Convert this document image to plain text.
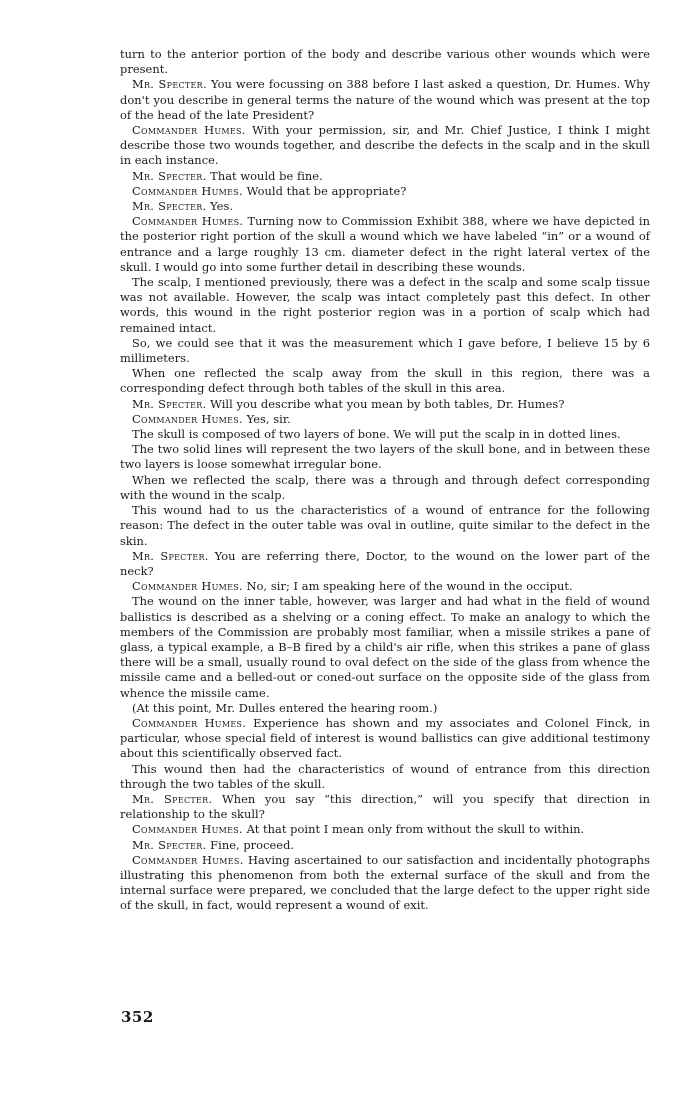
turn to the anterior portion of the body and describe various other wounds which were present.

Mr. Specter. You were focussing on 388 before I last asked a question, Dr. Humes. Why don't you describe in general terms the nature of the wound which was present at the top of the head of the late President?

Commander Humes. With your permission, sir, and Mr. Chief Justice, I think I might describe those two wounds together, and describe the defects in the scalp and in the skull in each instance.

Mr. Specter. That would be fine.

Commander Humes. Would that be appropriate?

Mr. Specter. Yes.

Commander Humes. Turning now to Commission Exhibit 388, where we have depicted in the posterior right portion of the skull a wound which we have labeled “in” or a wound of entrance and a large roughly 13 cm. diameter defect in the right lateral vertex of the skull. I would go into some further detail in describing these wounds.

The scalp, I mentioned previously, there was a defect in the scalp and some scalp tissue was not available. However, the scalp was intact completely past this defect. In other words, this wound in the right posterior region was in a portion of scalp which had remained intact.

So, we could see that it was the measurement which I gave before, I believe 15 by 6 millimeters.

When one reflected the scalp away from the skull in this region, there was a corresponding defect through both tables of the skull in this area.

Mr. Specter. Will you describe what you mean by both tables, Dr. Humes?

Commander Humes. Yes, sir.

The skull is composed of two layers of bone. We will put the scalp in in dotted lines.

The two solid lines will represent the two layers of the skull bone, and in between these two layers is loose somewhat irregular bone.

When we reflected the scalp, there was a through and through defect corresponding with the wound in the scalp.

This wound had to us the characteristics of a wound of entrance for the following reason: The defect in the outer table was oval in outline, quite similar to the defect in the skin.

Mr. Specter. You are referring there, Doctor, to the wound on the lower part of the neck?

Commander Humes. No, sir; I am speaking here of the wound in the occiput.

The wound on the inner table, however, was larger and had what in the field of wound ballistics is described as a shelving or a coning effect. To make an analogy to which the members of the Commission are probably most familiar, when a missile strikes a pane of glass, a typical example, a B–B fired by a child's air rifle, when this strikes a pane of glass there will be a small, usually round to oval defect on the side of the glass from whence the missile came and a belled-out or coned-out surface on the opposite side of the glass from whence the missile came.

(At this point, Mr. Dulles entered the hearing room.)

Commander Humes. Experience has shown and my associates and Colonel Finck, in particular, whose special field of interest is wound ballistics can give additional testimony about this scientifically observed fact.

This wound then had the characteristics of wound of entrance from this direction through the two tables of the skull.

Mr. Specter. When you say “this direction,” will you specify that direction in relationship to the skull?

Commander Humes. At that point I mean only from without the skull to within.

Mr. Specter. Fine, proceed.

Commander Humes. Having ascertained to our satisfaction and incidentally photographs illustrating this phenomenon from both the external surface of the skull and from the internal surface were prepared, we concluded that the large defect to the upper right side of the skull, in fact, would represent a wound of exit.

352
